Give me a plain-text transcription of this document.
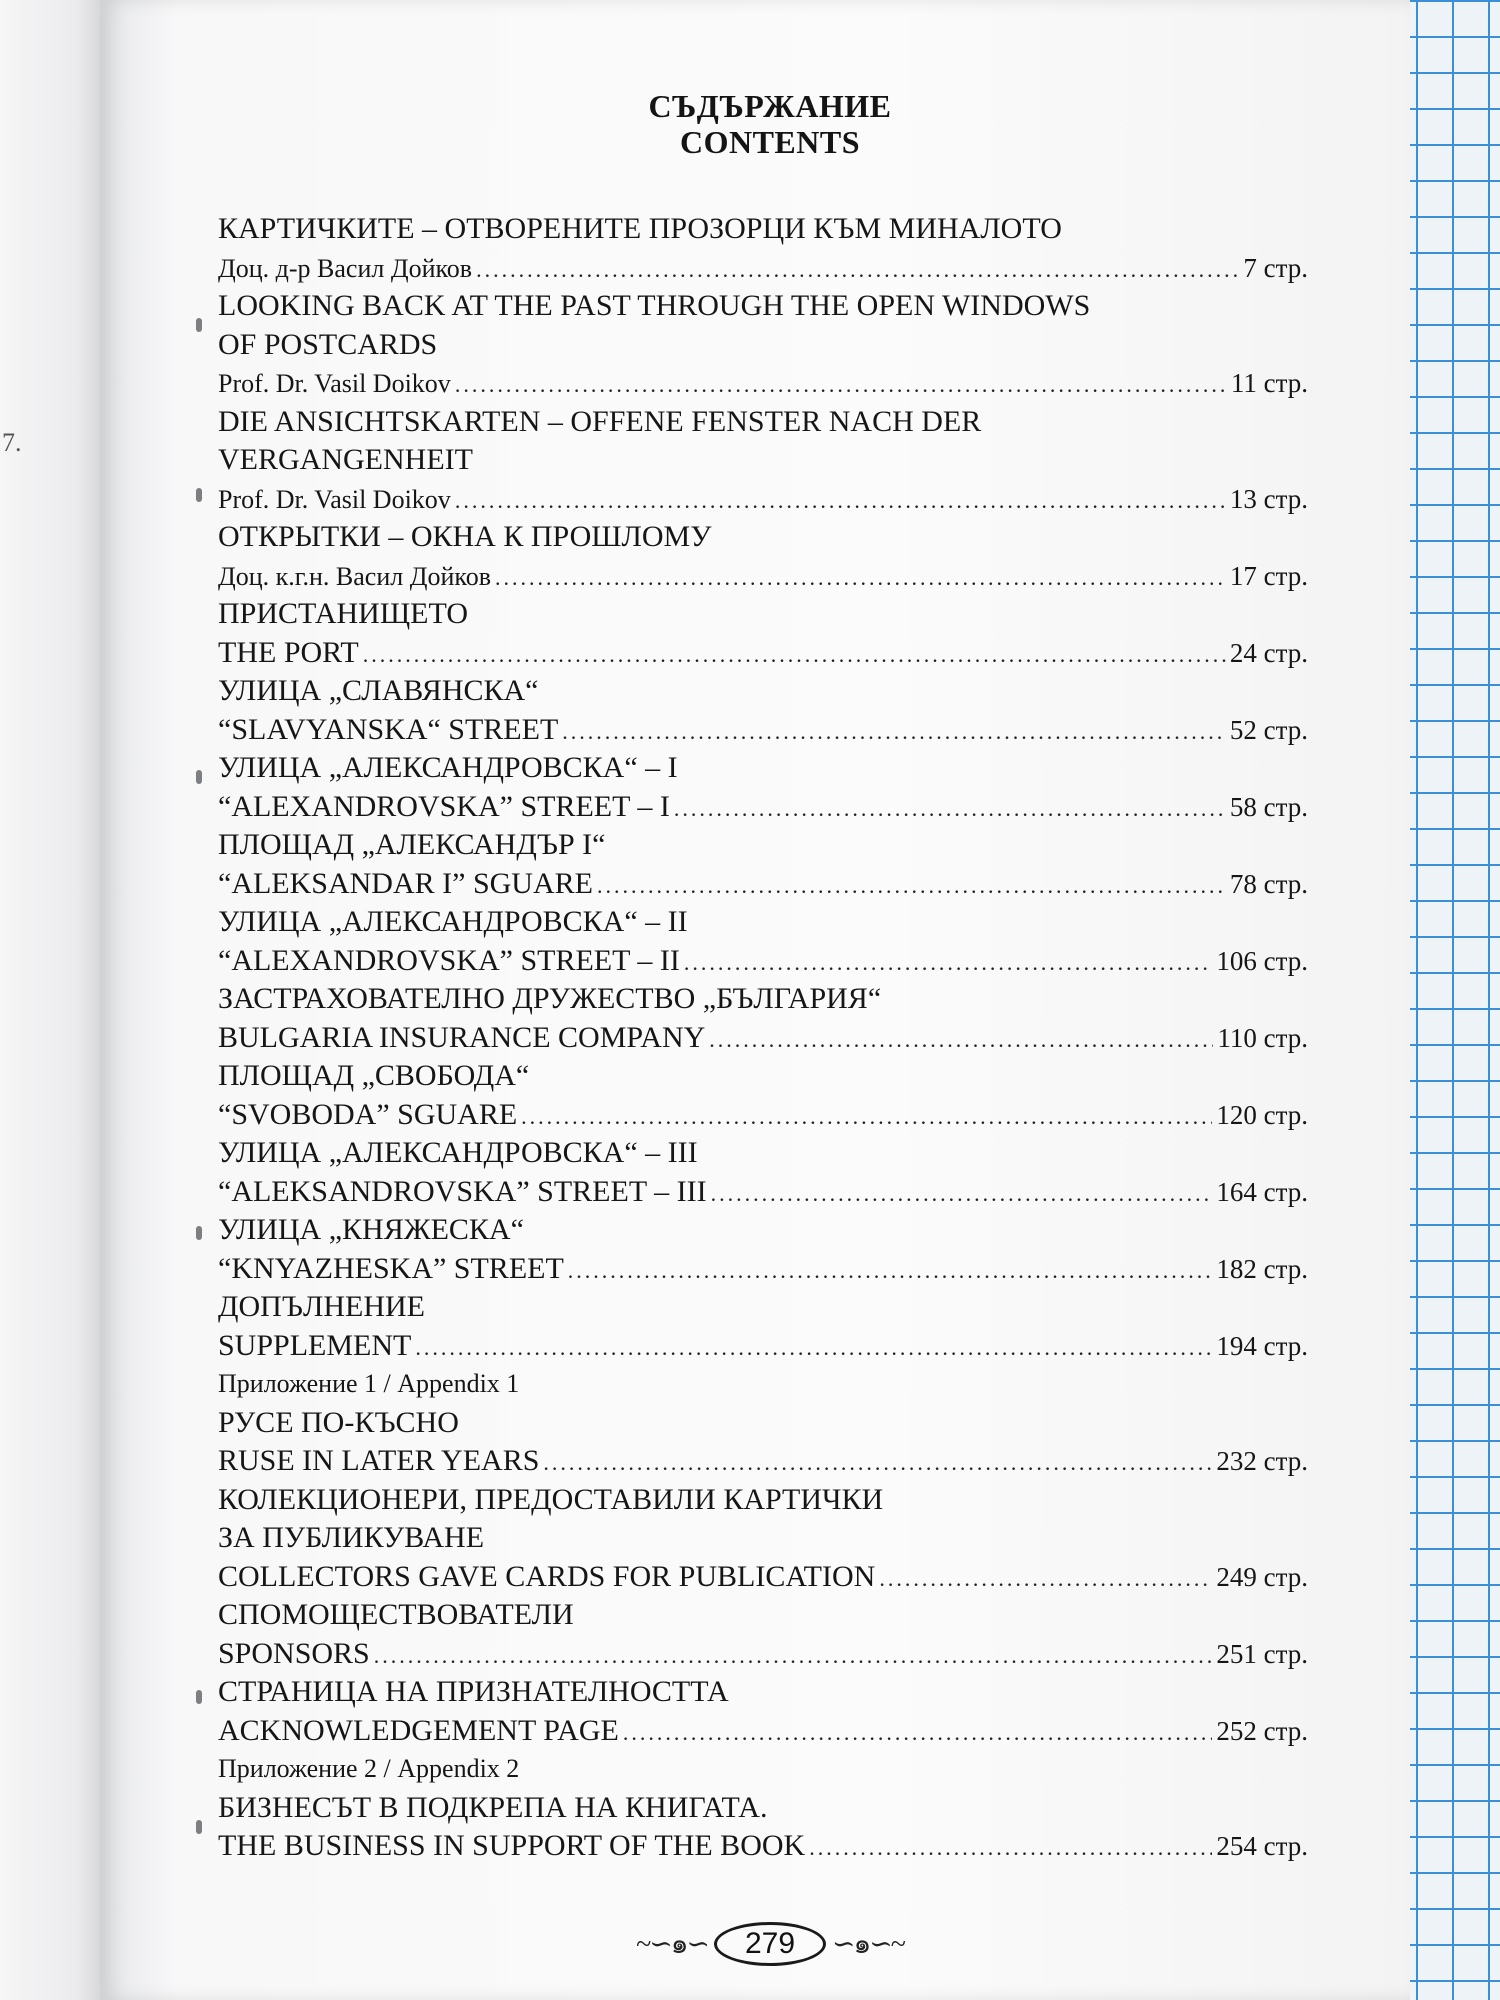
7.
СЪДЪРЖАНИЕ
CONTENTS
КАРТИЧКИТЕ – ОТВОРЕНИТЕ ПРОЗОРЦИ КЪМ МИНАЛОТО
Доц. д-р Васил Дойков .....	7 стр.
LOOKING BACK AT THE PAST THROUGH THE OPEN WINDOWS
OF POSTCARDS
Prof. Dr. Vasil Doikov .....	11 стр.
DIE ANSICHTSKARTEN – OFFENE FENSTER NACH DER
VERGANGENHEIT
Prof. Dr. Vasil Doikov .....	13 стр.
ОТКРЫТКИ – ОКНА К ПРОШЛОМУ
Доц. к.г.н. Васил Дойков .....	17 стр.
ПРИСТАНИЩЕТО
THE PORT .....	24 стр.
УЛИЦА „СЛАВЯНСКА“
“SLAVYANSKA“ STREET .....	52 стр.
УЛИЦА „АЛЕКСАНДРОВСКА“ – I
“ALEXANDROVSKA” STREET – I .....	58 стр.
ПЛОЩАД „АЛЕКСАНДЪР I“
“ALEKSANDAR I” SGUARE .....	78 стр.
УЛИЦА „АЛЕКСАНДРОВСКА“ – II
“ALEXANDROVSKA” STREET – II .....	106 стр.
ЗАСТРАХОВАТЕЛНО ДРУЖЕСТВО „БЪЛГАРИЯ“
BULGARIA INSURANCE COMPANY .....	110 стр.
ПЛОЩАД „СВОБОДА“
“SVOBODA” SGUARE .....	120 стр.
УЛИЦА „АЛЕКСАНДРОВСКА“ – III
“ALEKSANDROVSKA” STREET – III .....	164 стр.
УЛИЦА „КНЯЖЕСКА“
“KNYAZHESKA” STREET .....	182 стр.
ДОПЪЛНЕНИЕ
SUPPLEMENT .....	194 стр.
Приложение 1 / Appendix 1
РУСЕ ПО-КЪСНО
RUSE IN LATER YEARS .....	232 стр.
КОЛЕКЦИОНЕРИ, ПРЕДОСТАВИЛИ КАРТИЧКИ
ЗА ПУБЛИКУВАНЕ
COLLECTORS GAVE CARDS FOR PUBLICATION .....	249 стр.
СПОМОЩЕСТВОВАТЕЛИ
SPONSORS .....	251 стр.
СТРАНИЦА НА ПРИЗНАТЕЛНОСТТА
ACKNOWLEDGEMENT PAGE .....	252 стр.
Приложение 2 / Appendix 2
БИЗНЕСЪТ В ПОДКРЕПА НА КНИГАТА.
THE BUSINESS IN SUPPORT OF THE BOOK .....	254 стр.
~∽๑∽	279	∽๑∽~
